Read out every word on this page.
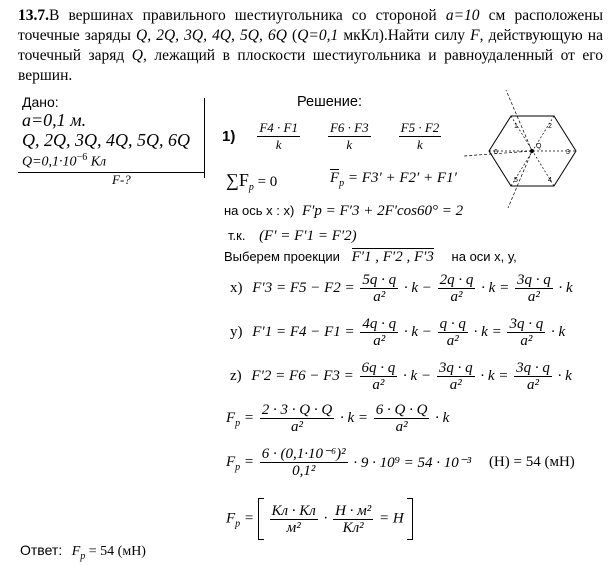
13.7.В вершинах правильного шестиугольника со стороной a=10 см расположены точечные заряды Q, 2Q, 3Q, 4Q, 5Q, 6Q (Q=0,1 мкКл).Найти силу F, действующую на точечный заряд Q, лежащий в плоскости шестиугольника и равноудаленный от его вершин.
Дано:
a=0,1 м.
Q, 2Q, 3Q, 4Q, 5Q, 6Q
$Q=0,1\cdot 10^{-6}$ Кл
F-?
Решение:
$1) \frac{F4 \cdot F1}{k}$
$\frac{F6 \cdot F3}{k}$
$\frac{F5 \cdot F2}{k}$
$\sum F_p = 0$	$F_p = F3' + F2' + F1'$
на ось х : х) F′p = F′3 + 2F′cos60° = 2
т.к. (F′ = F′1 = F′2)
Выберем проекции F′1 , F′2 , F′3 на оси х, у,
х) $F'3 = F5 - F2 = \frac{5q \cdot q}{\text{a²}} \cdot k - \frac{2q \cdot q}{\text{a²}} \cdot k = \frac{3q \cdot q}{\text{a²}} \cdot k$
у) $F'1 = F4 - F1 = \frac{4q \cdot q}{\text{a²}} \cdot k - \frac{q \cdot q}{\text{a²}} \cdot k = \frac{3q \cdot q}{\text{a²}} \cdot k$
z) $F'2 = F6 - F3 = \frac{6q \cdot q}{\text{a²}} \cdot k - \frac{3q \cdot q}{\text{a²}} \cdot k = \frac{3q \cdot q}{\text{a²}} \cdot k$
$F_p = \frac{2 \cdot 3 \cdot Q \cdot Q}{\text{a²}} \cdot k = \frac{6 \cdot Q \cdot Q}{\text{a²}} \cdot k$
$F_p = \frac{\text{6 · (0,1·10⁻⁶)²}}{\text{0,1²}} \cdot 9 \cdot 10^9 = 54 \cdot 10^{-3}$ (Н) = 54 (мН)
$F_p = \frac{Кл \cdot Кл}{\text{м²}} \cdot \frac{\text{Н · м²}}{\text{Кл²}} = Н$
Ответ: $F_p = 54$ (мН)
Q
1	2
3
4
5
6
